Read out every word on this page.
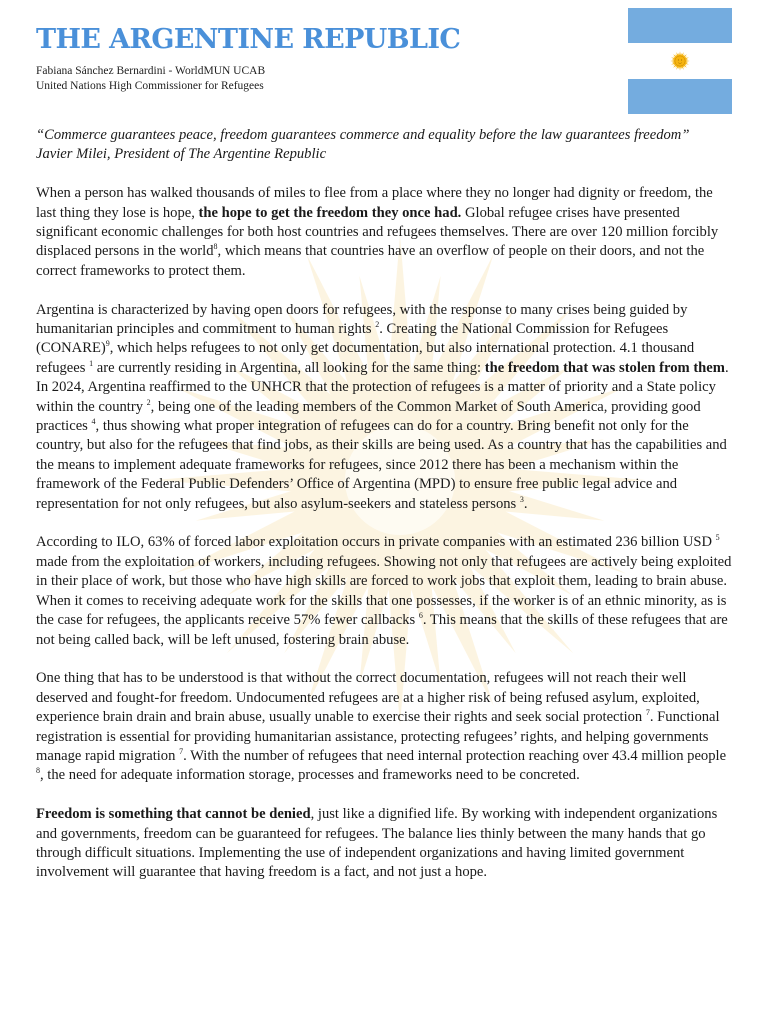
THE ARGENTINE REPUBLIC
Fabiana Sánchez Bernardini - WorldMUN UCAB
United Nations High Commissioner for Refugees
“Commerce guarantees peace, freedom guarantees commerce and equality before the law guarantees freedom”
Javier Milei, President of The Argentine Republic

When a person has walked thousands of miles to flee from a place where they no longer had dignity or freedom, the last thing they lose is hope, the hope to get the freedom they once had. Global refugee crises have presented significant economic challenges for both host countries and refugees themselves. There are over 120 million forcibly displaced persons in the world$^8$, which means that countries have an overflow of people on their doors, and not the correct frameworks to protect them.

Argentina is characterized by having open doors for refugees, with the response to many crises being guided by humanitarian principles and commitment to human rights $^2$. Creating the National Commission for Refugees (CONARE)$^9$, which helps refugees to not only get documentation, but also international protection. 4.1 thousand refugees $^1$ are currently residing in Argentina, all looking for the same thing: the freedom that was stolen from them. In 2024, Argentina reaffirmed to the UNHCR that the protection of refugees is a matter of priority and a State policy within the country $^2$, being one of the leading members of the Common Market of South America, providing good practices $^4$, thus showing what proper integration of refugees can do for a country. Bring benefit not only for the country, but also for the refugees that find jobs, as their skills are being used. As a country that has the capabilities and the means to implement adequate frameworks for refugees, since 2012 there has been a mechanism within the framework of the Federal Public Defenders’ Office of Argentina (MPD) to ensure free public legal advice and representation for not only refugees, but also asylum-seekers and stateless persons $^3$.

According to ILO, 63% of forced labor exploitation occurs in private companies with an estimated 236 billion USD $^5$ made from the exploitation of workers, including refugees. Showing not only that refugees are actively being exploited in their place of work, but those who have high skills are forced to work jobs that exploit them, leading to brain abuse. When it comes to receiving adequate work for the skills that one possesses, if the worker is of an ethnic minority, as is the case for refugees, the applicants receive 57% fewer callbacks $^6$. This means that the skills of these refugees that are not being called back, will be left unused, fostering brain abuse.

One thing that has to be understood is that without the correct documentation, refugees will not reach their well deserved and fought-for freedom. Undocumented refugees are at a higher risk of being refused asylum, exploited, experience brain drain and brain abuse, usually unable to exercise their rights and seek social protection $^7$. Functional registration is essential for providing humanitarian assistance, protecting refugees’ rights, and helping governments manage rapid migration $^7$. With the number of refugees that need internal protection reaching over 43.4 million people $^8$, the need for adequate information storage, processes and frameworks need to be concreted.

Freedom is something that cannot be denied, just like a dignified life. By working with independent organizations and governments, freedom can be guaranteed for refugees. The balance lies thinly between the many hands that go through difficult situations. Implementing the use of independent organizations and having limited government involvement will guarantee that having freedom is a fact, and not just a hope.
